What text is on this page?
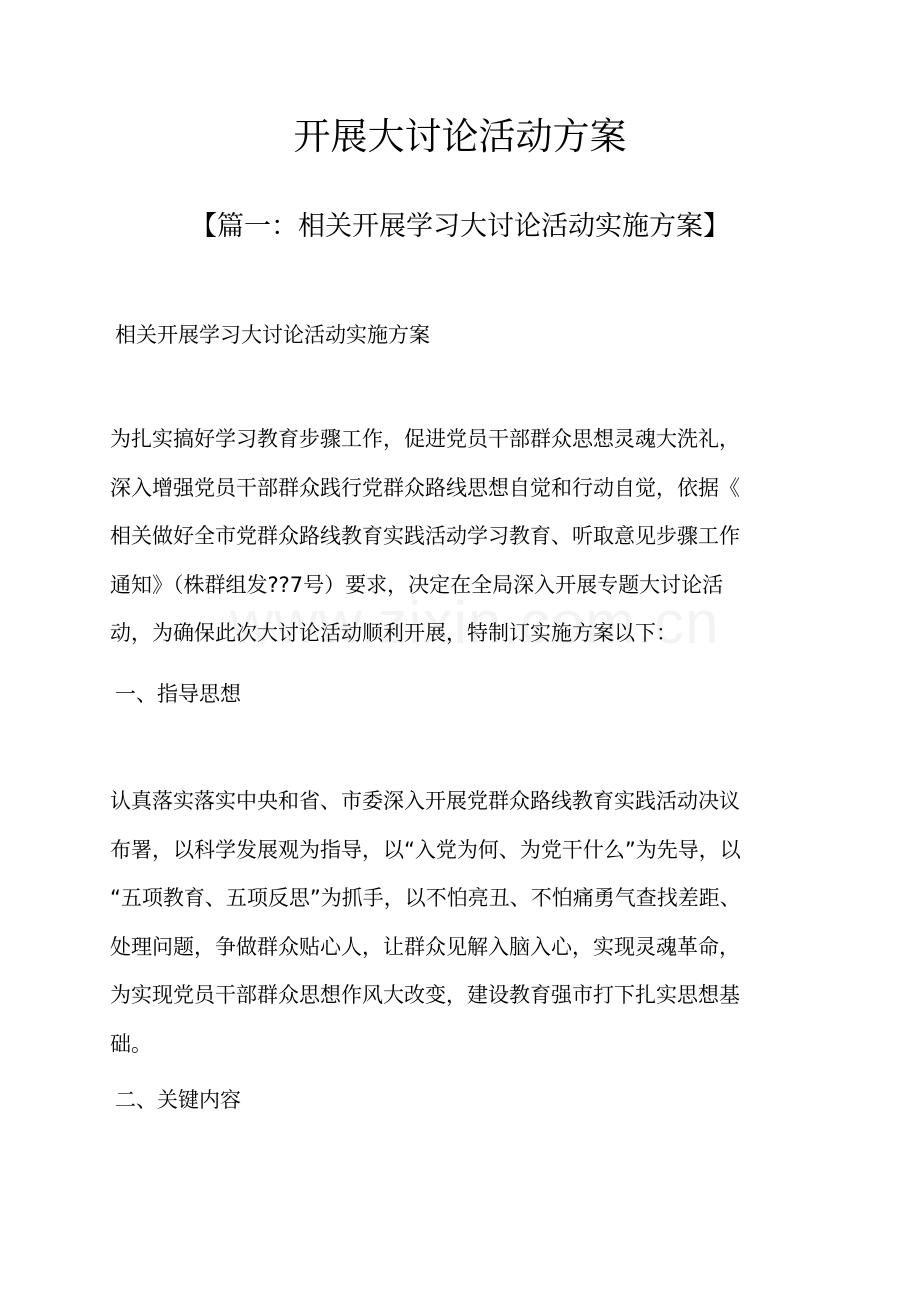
开展大讨论活动方案
【篇一：相关开展学习大讨论活动实施方案】
相关开展学习大讨论活动实施方案
为扎实搞好学习教育步骤工作，促进党员干部群众思想灵魂大洗礼，
深入增强党员干部群众践行党群众路线思想自觉和行动自觉，依据《
相关做好全市党群众路线教育实践活动学习教育、听取意见步骤工作
通知》（株群组发??7号）要求，决定在全局深入开展专题大讨论活
动，为确保此次大讨论活动顺利开展，特制订实施方案以下：
一、指导思想
认真落实落实中央和省、市委深入开展党群众路线教育实践活动决议
布署，以科学发展观为指导，以“入党为何、为党干什么”为先导，以
“五项教育、五项反思”为抓手，以不怕亮丑、不怕痛勇气查找差距、
处理问题，争做群众贴心人，让群众见解入脑入心，实现灵魂革命，
为实现党员干部群众思想作风大改变，建设教育强市打下扎实思想基
础。
二、关键内容
